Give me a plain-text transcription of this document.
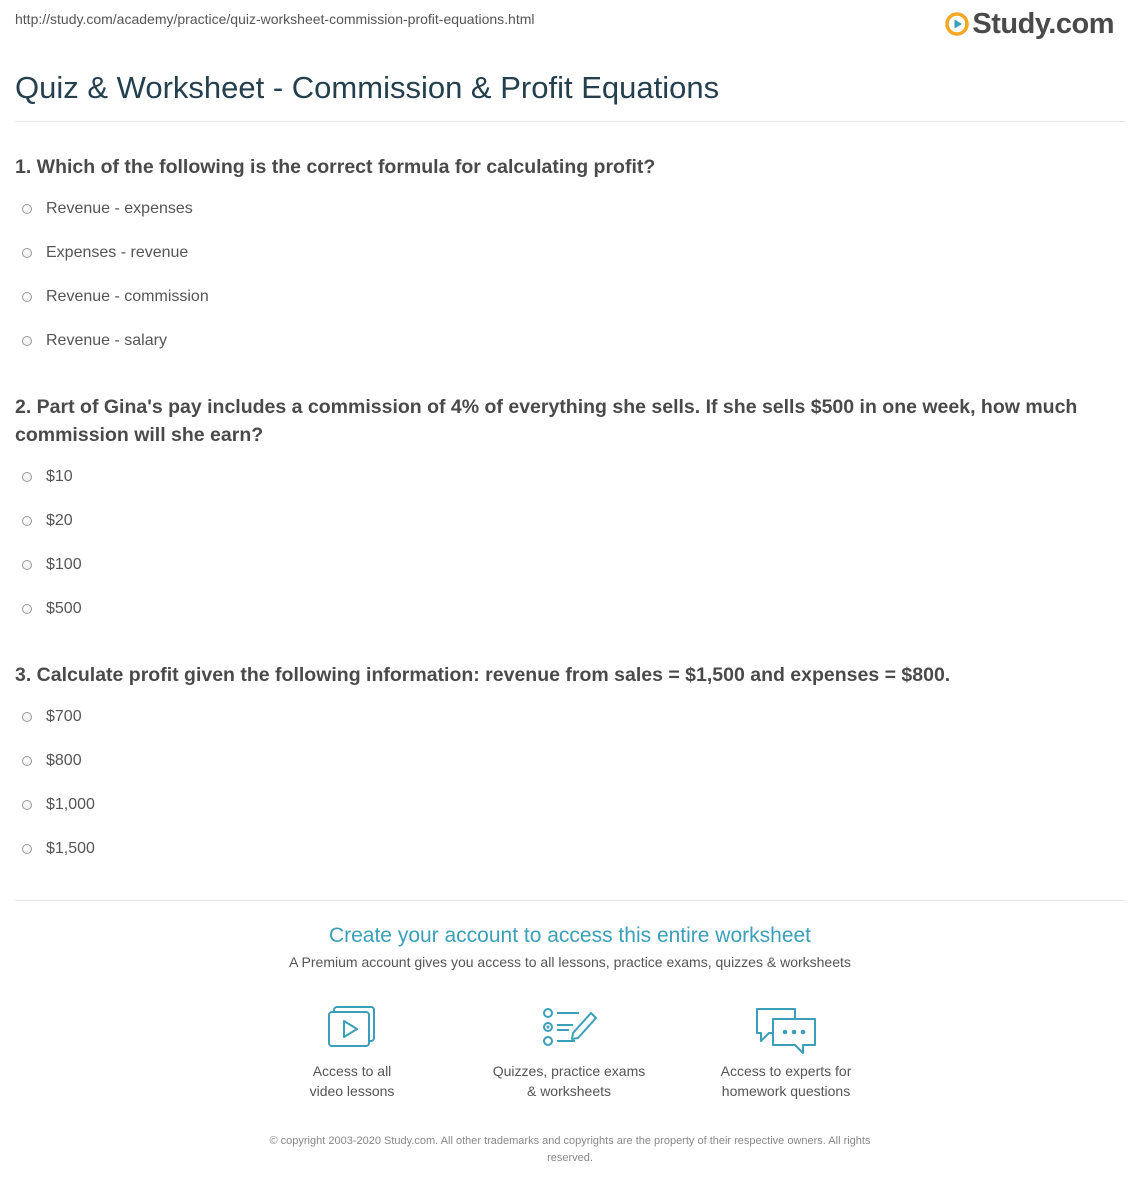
http://study.com/academy/practice/quiz-worksheet-commission-profit-equations.html	Study.com
Quiz & Worksheet - Commission & Profit Equations
1. Which of the following is the correct formula for calculating profit?
Revenue - expenses
Expenses - revenue
Revenue - commission
Revenue - salary
2. Part of Gina's pay includes a commission of 4% of everything she sells. If she sells $500 in one week, how much commission will she earn?
$10
$20
$100
$500
3. Calculate profit given the following information: revenue from sales = $1,500 and expenses = $800.
$700
$800
$1,000
$1,500
Create your account to access this entire worksheet
A Premium account gives you access to all lessons, practice exams, quizzes & worksheets
Access to all
video lessons
Quizzes, practice exams
& worksheets
Access to experts for
homework questions
© copyright 2003-2020 Study.com. All other trademarks and copyrights are the property of their respective owners. All rights
reserved.
